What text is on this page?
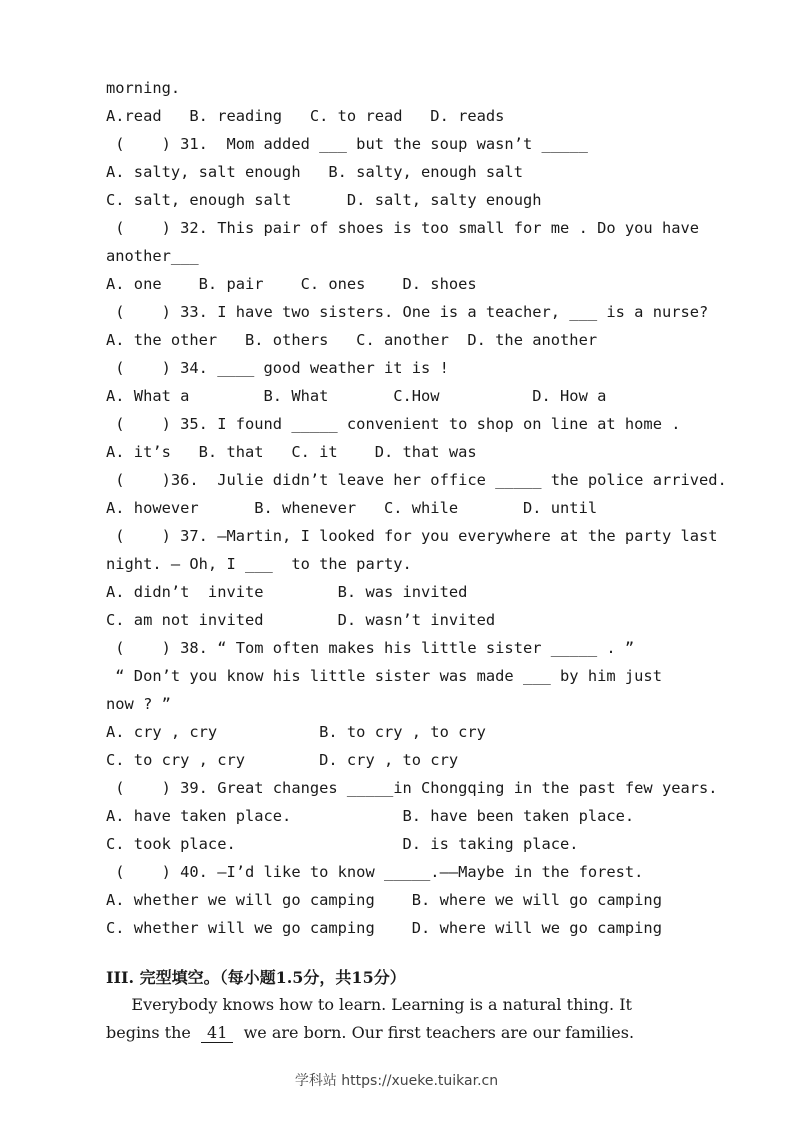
morning.
A.read   B. reading   C. to read   D. reads
(    ) 31.  Mom added ___ but the soup wasn’t _____
A. salty, salt enough   B. salty, enough salt
C. salt, enough salt      D. salt, salty enough
(    ) 32. This pair of shoes is too small for me . Do you have
another___
A. one    B. pair    C. ones    D. shoes
(    ) 33. I have two sisters. One is a teacher, ___ is a nurse?
A. the other   B. others   C. another  D. the another
(    ) 34. ____ good weather it is !
A. What a        B. What       C.How          D. How a
(    ) 35. I found _____ convenient to shop on line at home .
A. it’s   B. that   C. it    D. that was
(    )36.  Julie didn’t leave her office _____ the police arrived.
A. however      B. whenever   C. while       D. until
(    ) 37. —Martin, I looked for you everywhere at the party last
night. — Oh, I ___  to the party.
A. didn’t  invite        B. was invited
C. am not invited        D. wasn’t invited
(    ) 38. “ Tom often makes his little sister _____ . ”
“ Don’t you know his little sister was made ___ by him just
now ? ”
A. cry , cry           B. to cry , to cry
C. to cry , cry        D. cry , to cry
(    ) 39. Great changes _____in Chongqing in the past few years.
A. have taken place.            B. have been taken place.
C. took place.                  D. is taking place.
(    ) 40. —I’d like to know _____.——Maybe in the forest.
A. whether we will go camping    B. where we will go camping
C. whether will we go camping    D. where will we go camping
III. 完型填空。（每小题1.5分，共15分）
Everybody knows how to learn. Learning is a natural thing. It
begins the  41  we are born. Our first teachers are our families.
学科站 https://xueke.tuikar.cn
